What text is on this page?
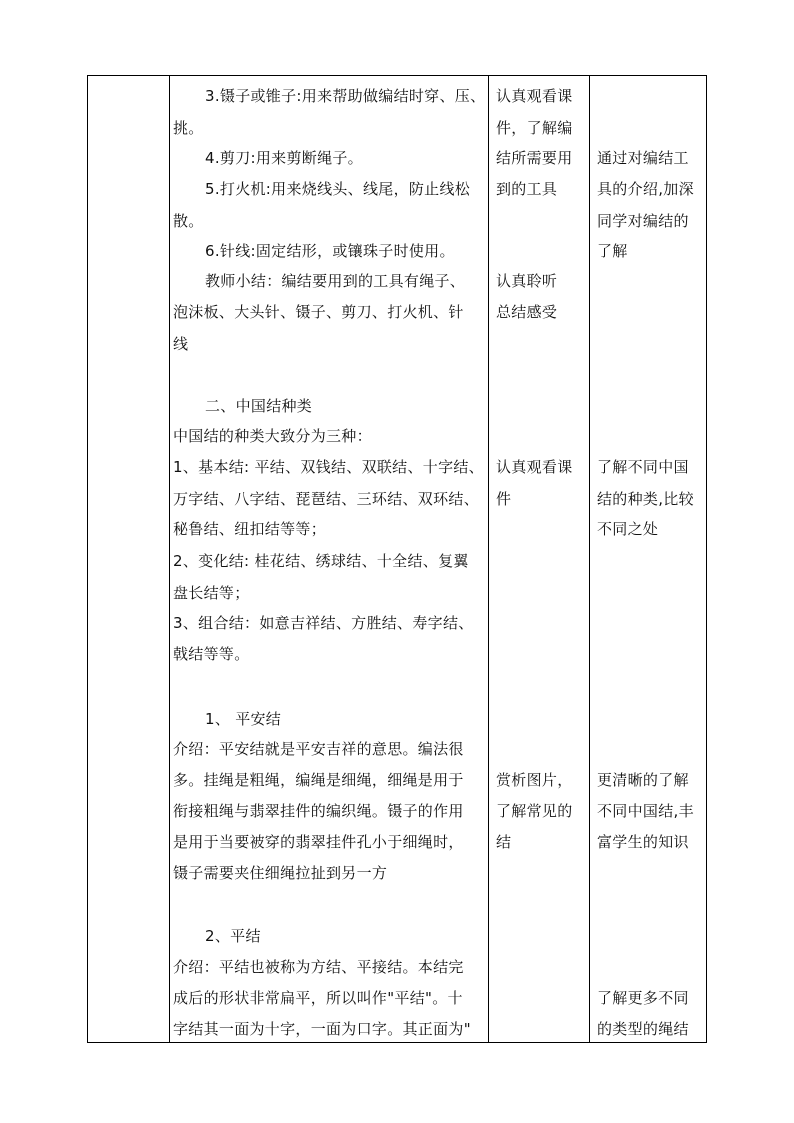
3.镊子或锥子:用来帮助做编结时穿、压、

挑。

4.剪刀:用来剪断绳子。

5.打火机:用来烧线头、线尾，防止线松

散。

6.针线:固定结形，或镶珠子时使用。

教师小结：编结要用到的工具有绳子、

泡沫板、大头针、镊子、剪刀、打火机、针

线

二、中国结种类

中国结的种类大致分为三种：

1、基本结: 平结、双钱结、双联结、十字结、

万字结、八字结、琵琶结、三环结、双环结、

秘鲁结、纽扣结等等；

2、变化结: 桂花结、绣球结、十全结、复翼

盘长结等；

3、组合结：如意吉祥结、方胜结、寿字结、

戟结等等。

1、 平安结

介绍：平安结就是平安吉祥的意思。编法很

多。挂绳是粗绳，编绳是细绳，细绳是用于

衔接粗绳与翡翠挂件的编织绳。镊子的作用

是用于当要被穿的翡翠挂件孔小于细绳时，

镊子需要夹住细绳拉扯到另一方

2、平结

介绍：平结也被称为方结、平接结。本结完

成后的形状非常扁平，所以叫作"平结"。十

字结其一面为十字，一面为口字。其正面为"

认真观看课

件，了解编

结所需要用

到的工具

认真聆听

总结感受

认真观看课

件

赏析图片，

了解常见的

结

通过对编结工

具的介绍,加深

同学对编结的

了解

了解不同中国

结的种类,比较

不同之处

更清晰的了解

不同中国结,丰

富学生的知识

了解更多不同

的类型的绳结
